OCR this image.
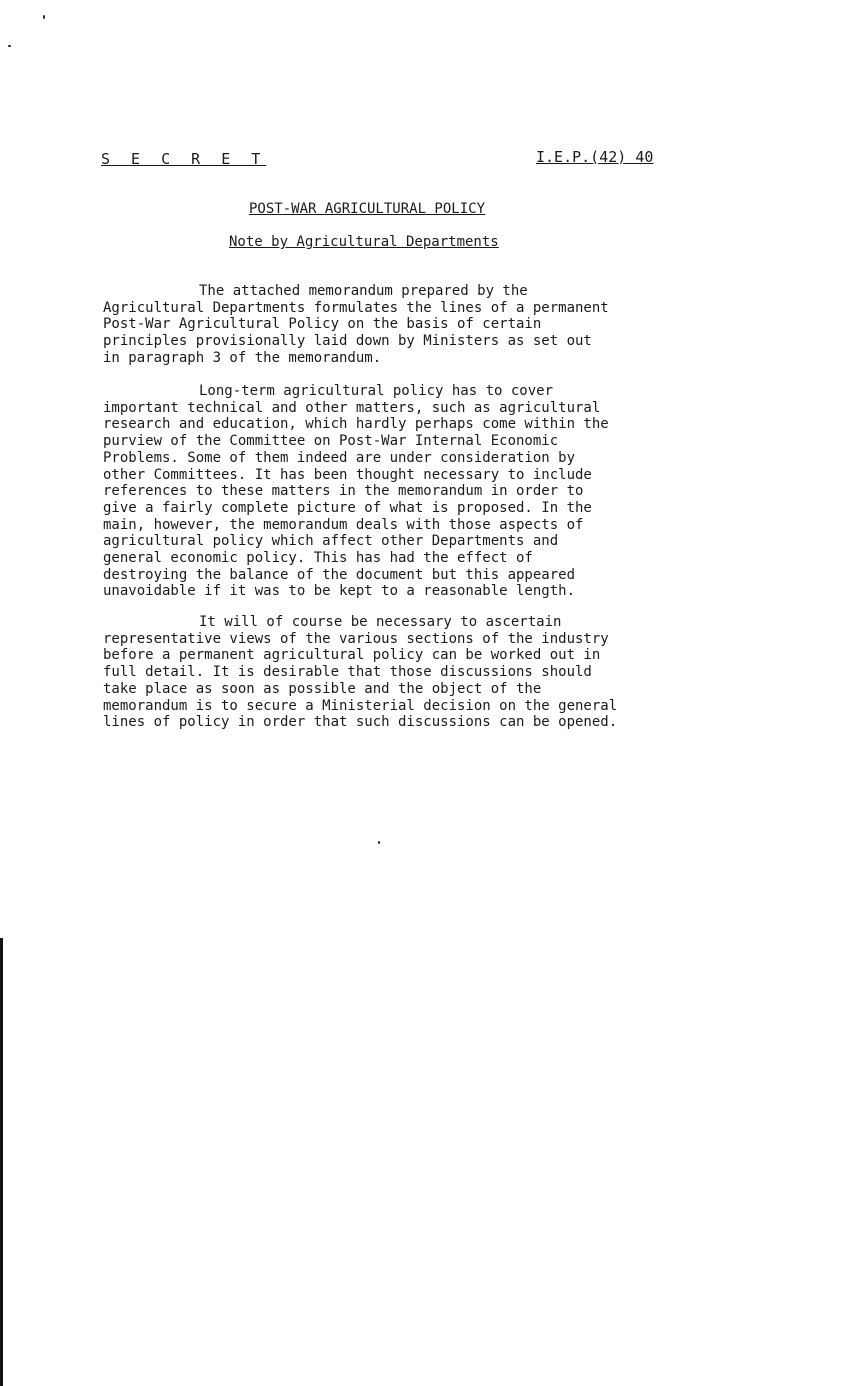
S E C R E T	I.E.P.(42) 40
POST-WAR AGRICULTURAL POLICY
Note by Agricultural Departments
The attached memorandum prepared by the
Agricultural Departments formulates the lines of a permanent
Post-War Agricultural Policy on the basis of certain
principles provisionally laid down by Ministers as set out
in paragraph 3 of the memorandum.
Long-term agricultural policy has to cover
important technical and other matters, such as agricultural
research and education, which hardly perhaps come within the
purview of the Committee on Post-War Internal Economic
Problems. Some of them indeed are under consideration by
other Committees. It has been thought necessary to include
references to these matters in the memorandum in order to
give a fairly complete picture of what is proposed. In the
main, however, the memorandum deals with those aspects of
agricultural policy which affect other Departments and
general economic policy. This has had the effect of
destroying the balance of the document but this appeared
unavoidable if it was to be kept to a reasonable length.
It will of course be necessary to ascertain
representative views of the various sections of the industry
before a permanent agricultural policy can be worked out in
full detail. It is desirable that those discussions should
take place as soon as possible and the object of the
memorandum is to secure a Ministerial decision on the general
lines of policy in order that such discussions can be opened.
